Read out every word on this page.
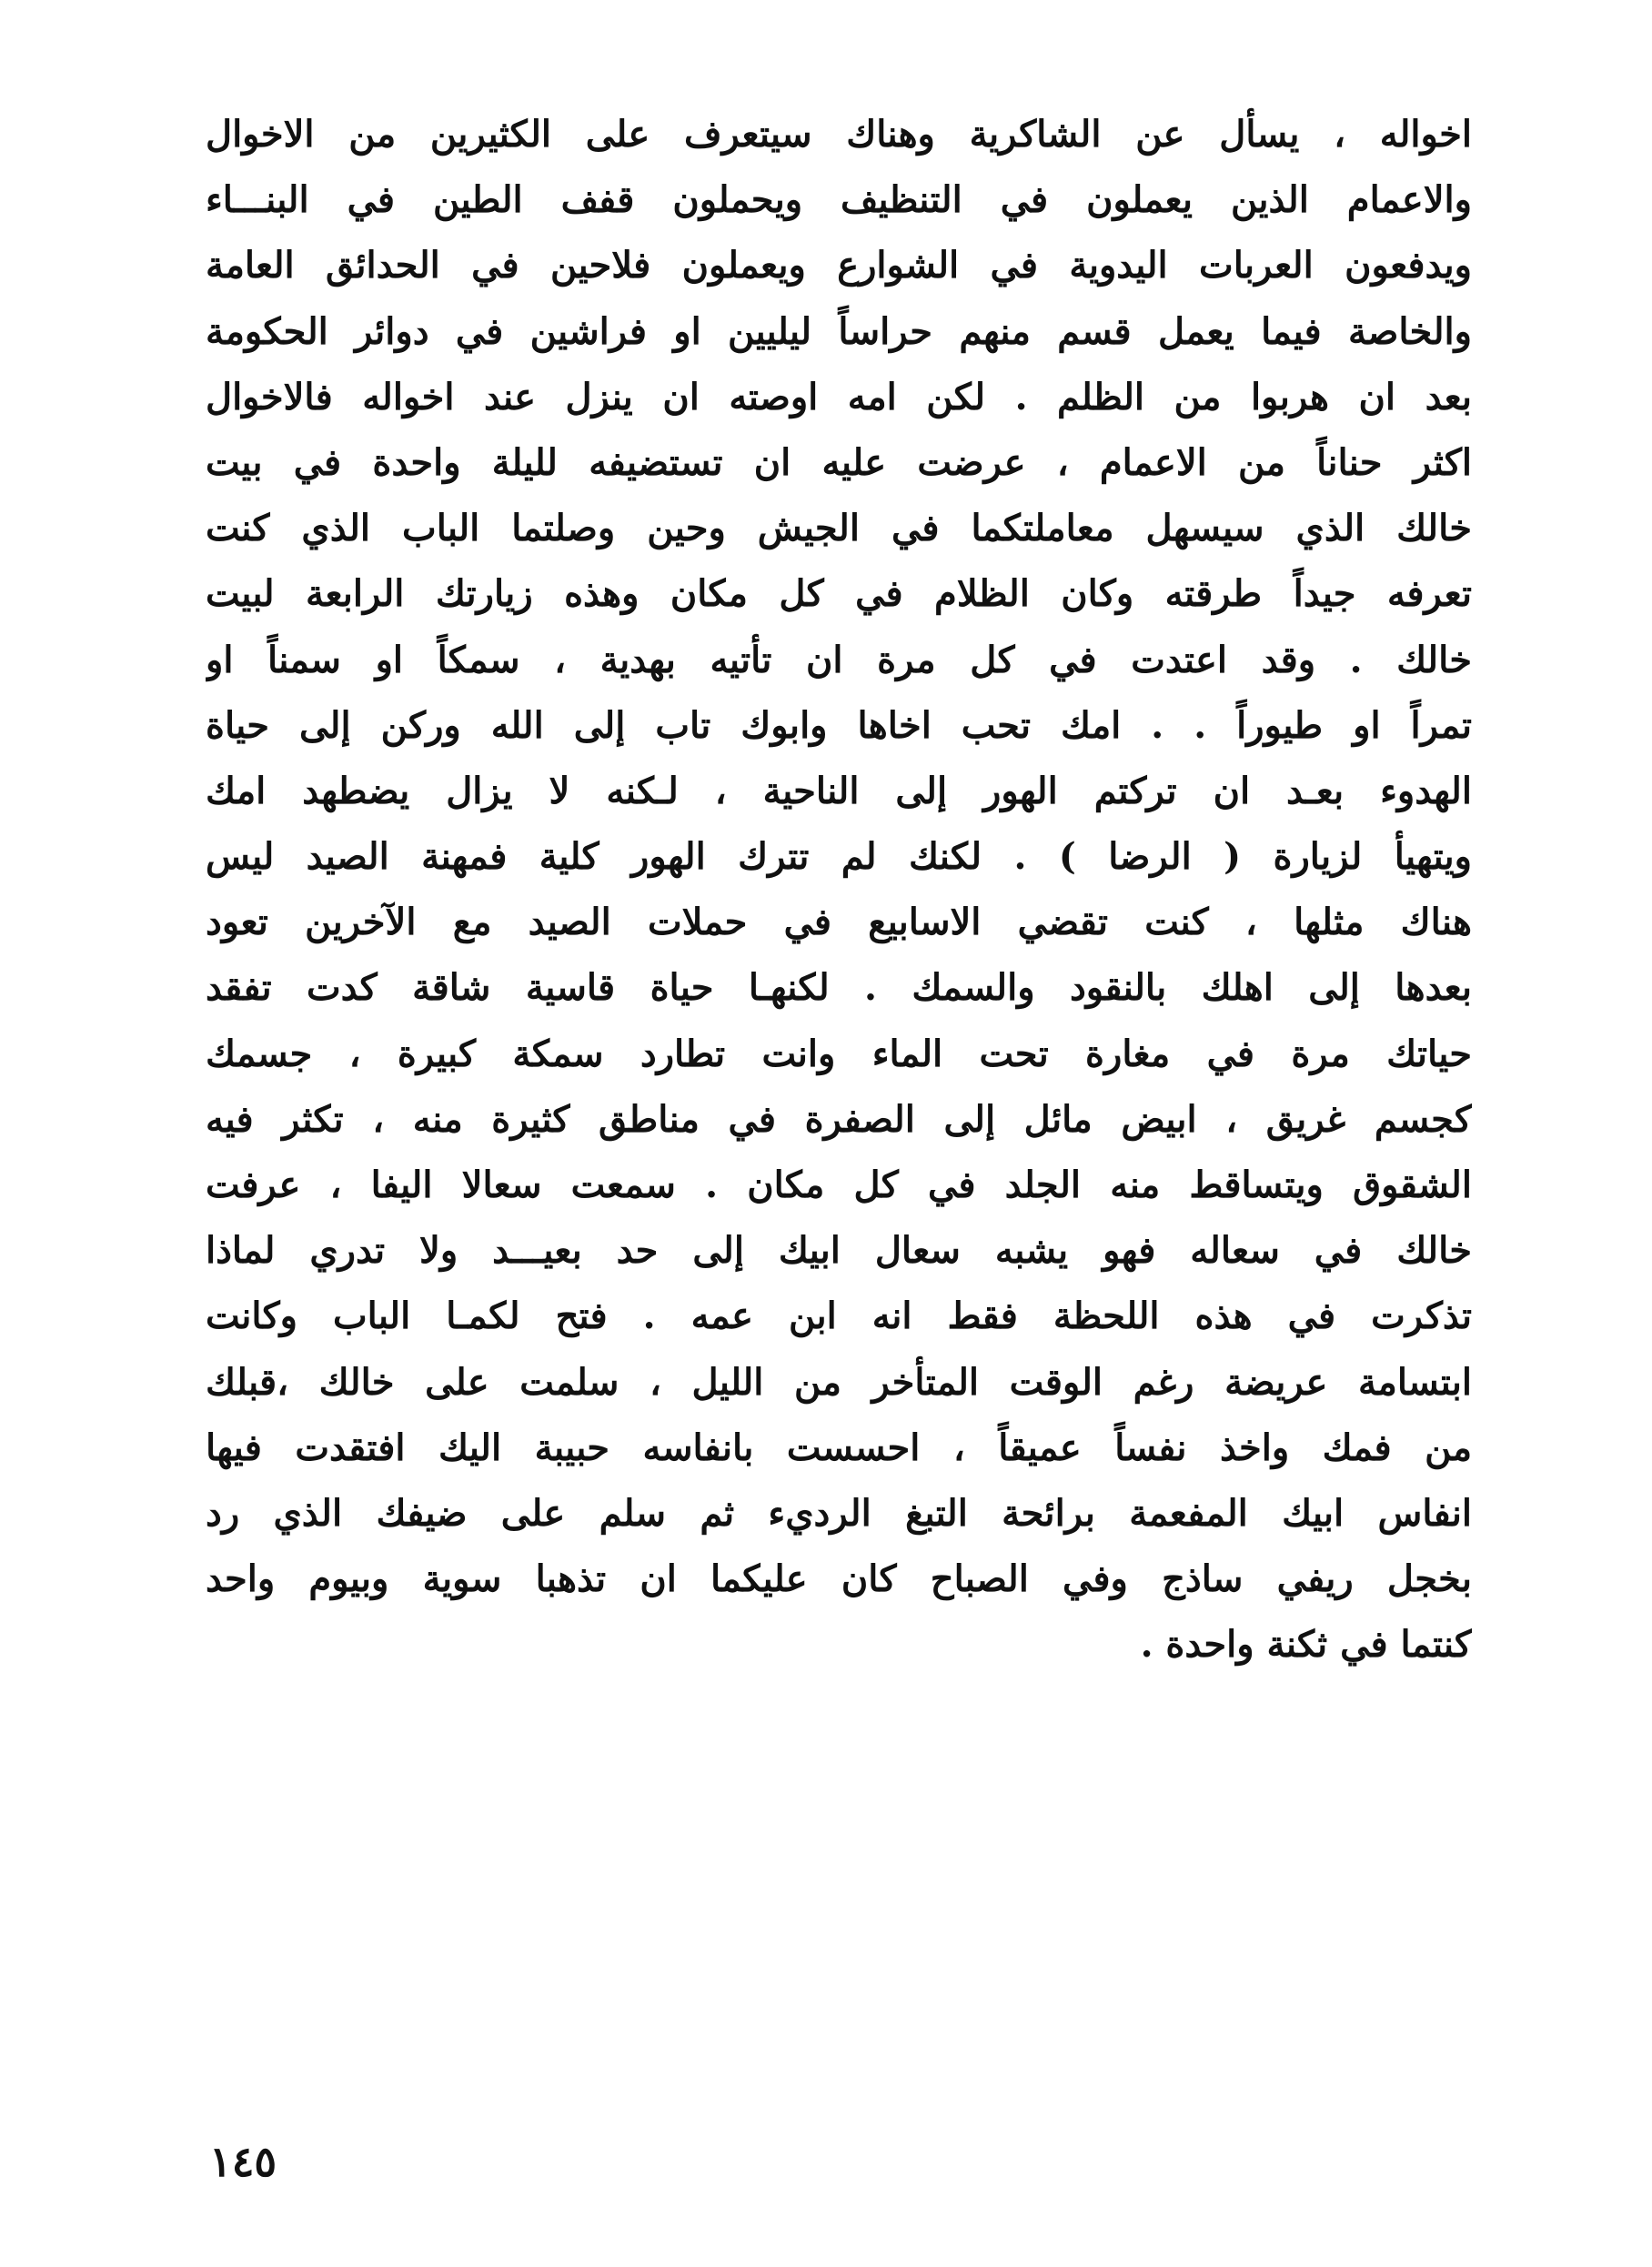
اخواله ، يسأل عن الشاكرية وهناك سيتعرف على الكثيرين من الاخوال
والاعمام الذين يعملون في التنظيف ويحملون قفف الطين في البنـــاء
ويدفعون العربات اليدوية في الشوارع ويعملون فلاحين في الحدائق العامة
والخاصة فيما يعمل قسم منهم حراساً ليليين او فراشين في دوائر الحكومة
بعد ان هربوا من الظلم . لكن امه اوصته ان ينزل عند اخواله فالاخوال
اكثر حناناً من الاعمام ، عرضت عليه ان تستضيفه لليلة واحدة في بيت
خالك الذي سيسهل معاملتكما في الجيش وحين وصلتما الباب الذي كنت
تعرفه جيداً طرقته وكان الظلام في كل مكان وهذه زيارتك الرابعة لبيت
خالك . وقد اعتدت في كل مرة ان تأتيه بهدية ، سمكاً او سمناً او
تمراً او طيوراً . . امك تحب اخاها وابوك تاب إلى الله وركن إلى حياة
الهدوء بعـد ان تركتم الهور إلى الناحية ، لـكنه لا يزال يضطهد امك
ويتهيأ لزيارة ( الرضا ) . لكنك لم تترك الهور كلية فمهنة الصيد ليس
هناك مثلها ، كنت تقضي الاسابيع في حملات الصيد مع الآخرين تعود
بعدها إلى اهلك بالنقود والسمك . لكنهـا حياة قاسية شاقة كدت تفقد
حياتك مرة في مغارة تحت الماء وانت تطارد سمكة كبيرة ، جسمك
كجسم غريق ، ابيض مائل إلى الصفرة في مناطق كثيرة منه ، تكثر فيه
الشقوق ويتساقط منه الجلد في كل مكان . سمعت سعالا اليفا ، عرفت
خالك في سعاله فهو يشبه سعال ابيك إلى حد بعيـــد ولا تدري لماذا
تذكرت في هذه اللحظة فقط انه ابن عمه . فتح لكمـا الباب وكانت
ابتسامة عريضة رغم الوقت المتأخر من الليل ، سلمت على خالك ،قبلك
من فمك واخذ نفساً عميقاً ، احسست بانفاسه حبيبة اليك افتقدت فيها
انفاس ابيك المفعمة برائحة التبغ الرديء ثم سلم على ضيفك الذي رد
بخجل ريفي ساذج وفي الصباح كان عليكما ان تذهبا سوية وبيوم واحد
كنتما في ثكنة واحدة .
١٤٥
